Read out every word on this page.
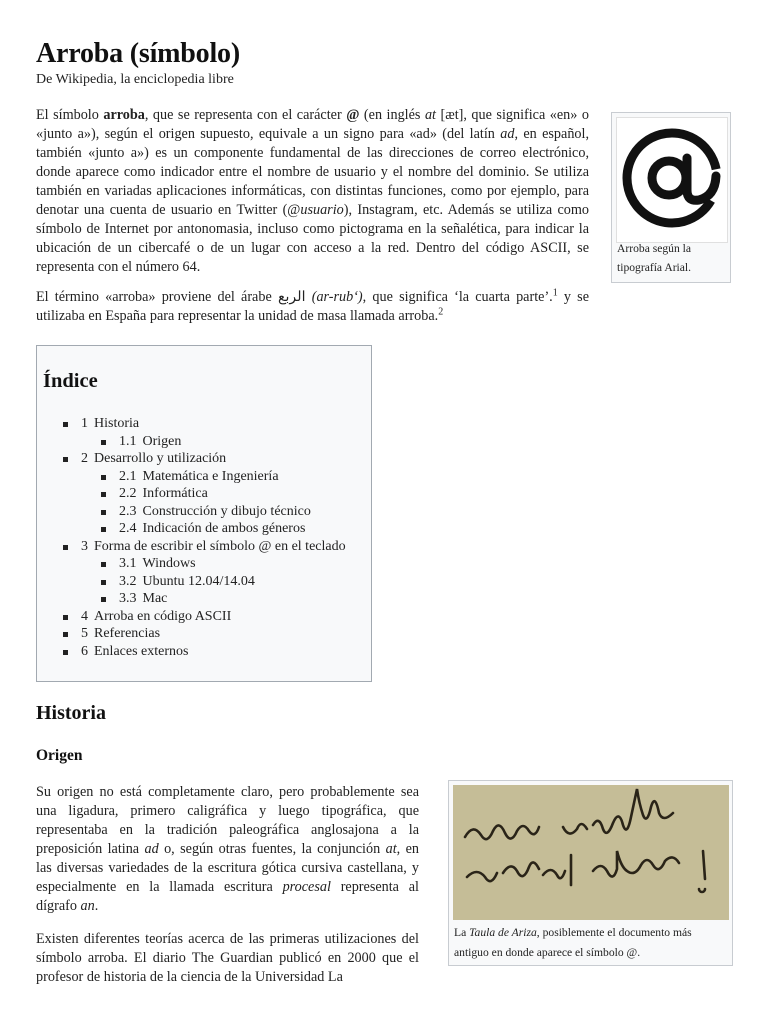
Arroba (símbolo)
De Wikipedia, la enciclopedia libre

El símbolo arroba, que se representa con el carácter @ (en inglés at [æt], que significa «en» o «junto a»), según el origen supuesto, equivale a un signo para «ad» (del latín ad, en español, también «junto a») es un componente fundamental de las direcciones de correo electrónico, donde aparece como indicador entre el nombre de usuario y el nombre del dominio. Se utiliza también en variadas aplicaciones informáticas, con distintas funciones, como por ejemplo, para denotar una cuenta de usuario en Twitter (@usuario), Instagram, etc. Además se utiliza como símbolo de Internet por antonomasia, incluso como pictograma en la señalética, para indicar la ubicación de un cibercafé o de un lugar con acceso a la red. Dentro del código ASCII, se representa con el número 64.

El término «arroba» proviene del árabe الربع (ar-rub‘), que significa ‘la cuarta parte’.$^1$ y se utilizaba en España para representar la unidad de masa llamada arroba.$^2$

Arroba según la tipografía Arial.
Índice
1 Historia
1.1 Origen
2 Desarrollo y utilización
2.1 Matemática e Ingeniería
2.2 Informática
2.3 Construcción y dibujo técnico
2.4 Indicación de ambos géneros
3 Forma de escribir el símbolo @ en el teclado
3.1 Windows
3.2 Ubuntu 12.04/14.04
3.3 Mac
4 Arroba en código ASCII
5 Referencias
6 Enlaces externos
Historia
Origen

Su origen no está completamente claro, pero probablemente sea una ligadura, primero caligráfica y luego tipográfica, que representaba en la tradición paleográfica anglosajona a la preposición latina ad o, según otras fuentes, la conjunción at, en las diversas variedades de la escritura gótica cursiva castellana, y especialmente en la llamada escritura procesal representa al dígrafo an.

Existen diferentes teorías acerca de las primeras utilizaciones del símbolo arroba. El diario The Guardian publicó en 2000 que el profesor de historia de la ciencia de la Universidad La

La Taula de Ariza, posiblemente el documento más antiguo en donde aparece el símbolo @.
